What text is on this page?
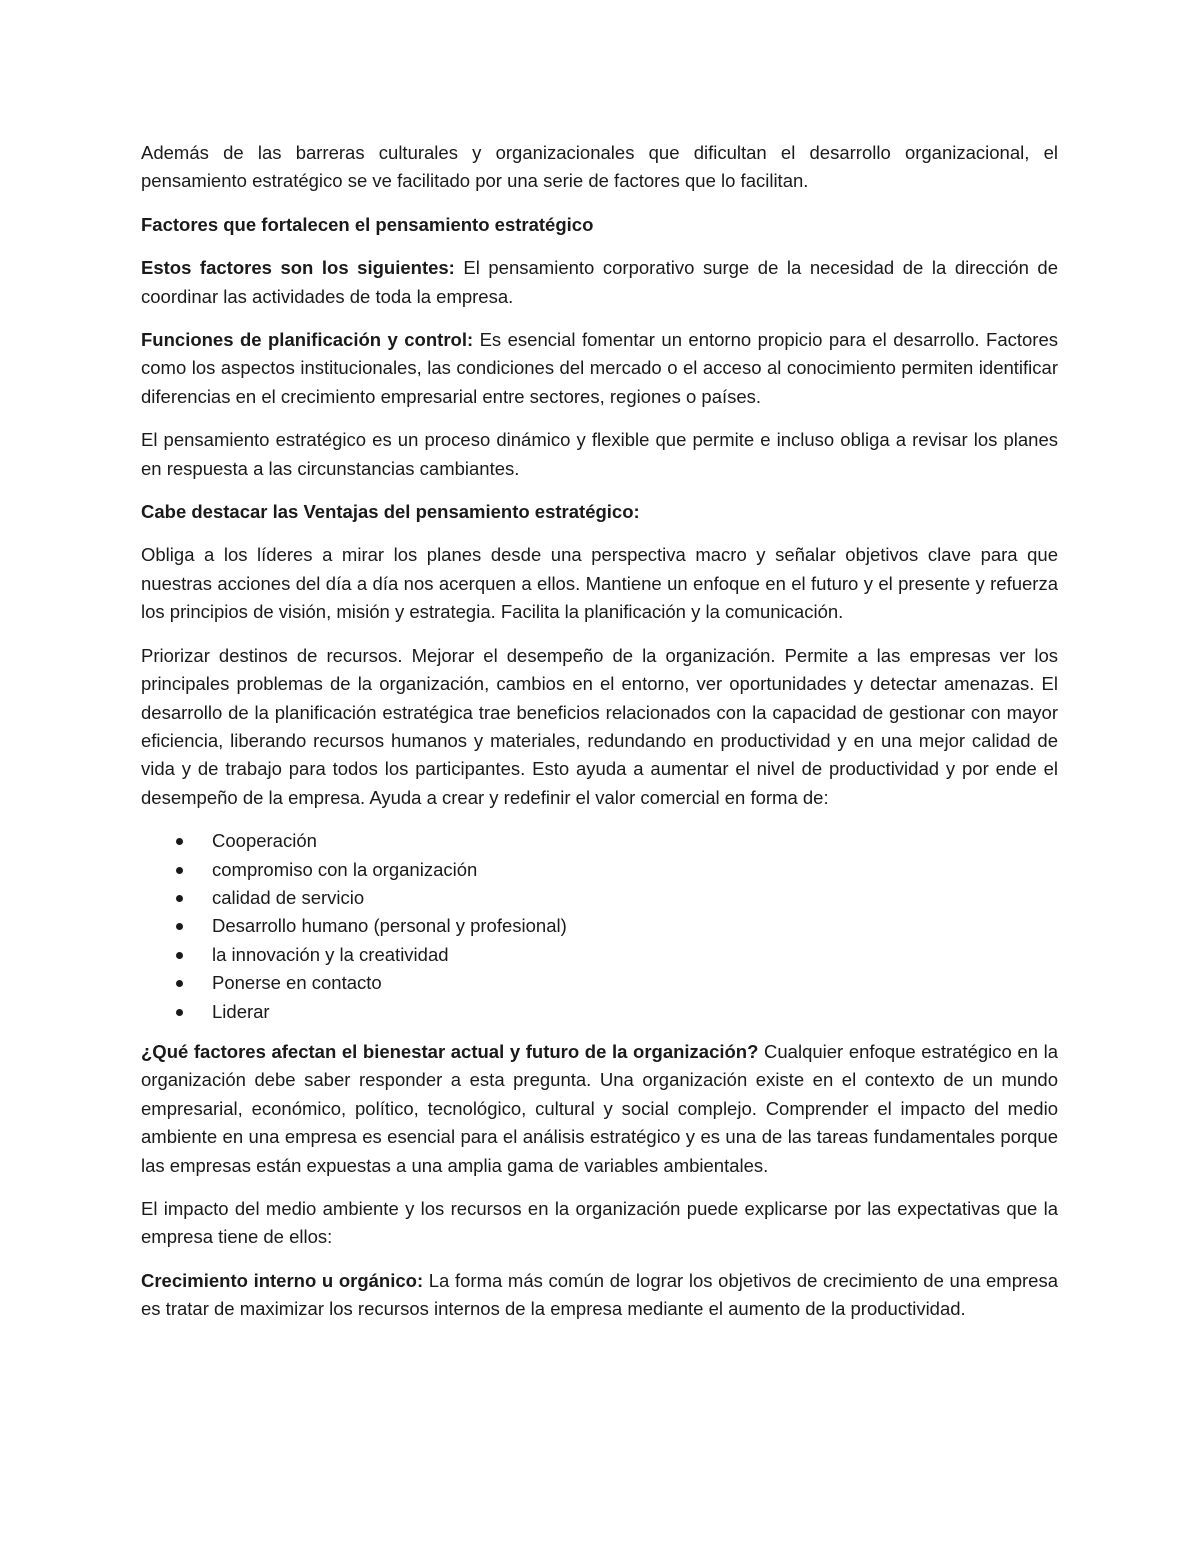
Además de las barreras culturales y organizacionales que dificultan el desarrollo organizacional, el pensamiento estratégico se ve facilitado por una serie de factores que lo facilitan.

Factores que fortalecen el pensamiento estratégico

Estos factores son los siguientes: El pensamiento corporativo surge de la necesidad de la dirección de coordinar las actividades de toda la empresa.

Funciones de planificación y control: Es esencial fomentar un entorno propicio para el desarrollo. Factores como los aspectos institucionales, las condiciones del mercado o el acceso al conocimiento permiten identificar diferencias en el crecimiento empresarial entre sectores, regiones o países.

El pensamiento estratégico es un proceso dinámico y flexible que permite e incluso obliga a revisar los planes en respuesta a las circunstancias cambiantes.

Cabe destacar las Ventajas del pensamiento estratégico:

Obliga a los líderes a mirar los planes desde una perspectiva macro y señalar objetivos clave para que nuestras acciones del día a día nos acerquen a ellos. Mantiene un enfoque en el futuro y el presente y refuerza los principios de visión, misión y estrategia. Facilita la planificación y la comunicación.

Priorizar destinos de recursos. Mejorar el desempeño de la organización. Permite a las empresas ver los principales problemas de la organización, cambios en el entorno, ver oportunidades y detectar amenazas. El desarrollo de la planificación estratégica trae beneficios relacionados con la capacidad de gestionar con mayor eficiencia, liberando recursos humanos y materiales, redundando en productividad y en una mejor calidad de vida y de trabajo para todos los participantes. Esto ayuda a aumentar el nivel de productividad y por ende el desempeño de la empresa. Ayuda a crear y redefinir el valor comercial en forma de:

Cooperación
compromiso con la organización
calidad de servicio
Desarrollo humano (personal y profesional)
la innovación y la creatividad
Ponerse en contacto
Liderar

¿Qué factores afectan el bienestar actual y futuro de la organización? Cualquier enfoque estratégico en la organización debe saber responder a esta pregunta. Una organización existe en el contexto de un mundo empresarial, económico, político, tecnológico, cultural y social complejo. Comprender el impacto del medio ambiente en una empresa es esencial para el análisis estratégico y es una de las tareas fundamentales porque las empresas están expuestas a una amplia gama de variables ambientales.

El impacto del medio ambiente y los recursos en la organización puede explicarse por las expectativas que la empresa tiene de ellos:

Crecimiento interno u orgánico: La forma más común de lograr los objetivos de crecimiento de una empresa es tratar de maximizar los recursos internos de la empresa mediante el aumento de la productividad.
